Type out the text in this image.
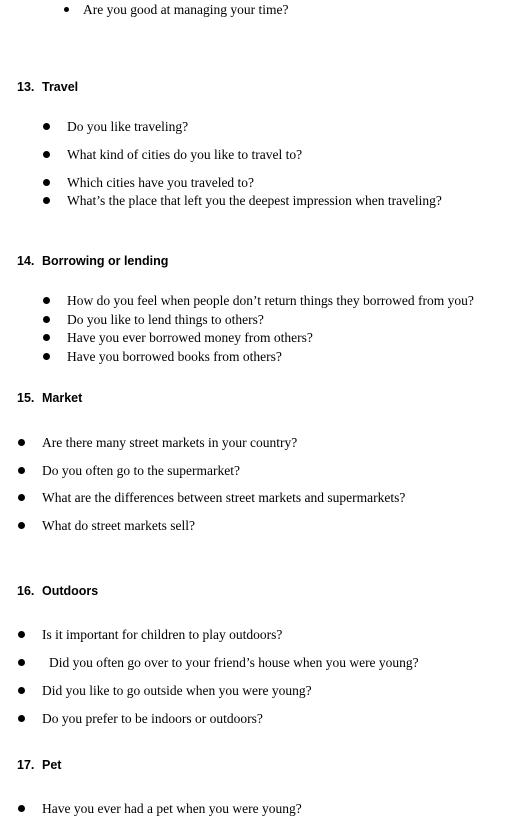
Are you good at managing your time?
13. Travel
Do you like traveling?
What kind of cities do you like to travel to?
Which cities have you traveled to?
What’s the place that left you the deepest impression when traveling?
14. Borrowing or lending
How do you feel when people don’t return things they borrowed from you?
Do you like to lend things to others?
Have you ever borrowed money from others?
Have you borrowed books from others?
15. Market
Are there many street markets in your country?
Do you often go to the supermarket?
What are the differences between street markets and supermarkets?
What do street markets sell?
16. Outdoors
Is it important for children to play outdoors?
Did you often go over to your friend’s house when you were young?
Did you like to go outside when you were young?
Do you prefer to be indoors or outdoors?
17. Pet
Have you ever had a pet when you were young?
